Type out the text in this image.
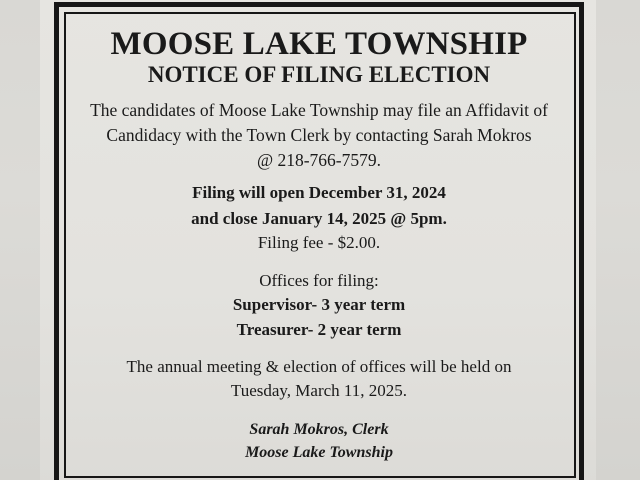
MOOSE LAKE TOWNSHIP
NOTICE OF FILING ELECTION
The candidates of Moose Lake Township may file an Affidavit of
Candidacy with the Town Clerk by contacting Sarah Mokros
@ 218-766-7579.
Filing will open December 31, 2024
and close January 14, 2025 @ 5pm.
Filing fee - $2.00.
Offices for filing:
Supervisor- 3 year term
Treasurer- 2 year term
The annual meeting & election of offices will be held on
Tuesday, March 11, 2025.
Sarah Mokros, Clerk
Moose Lake Township
